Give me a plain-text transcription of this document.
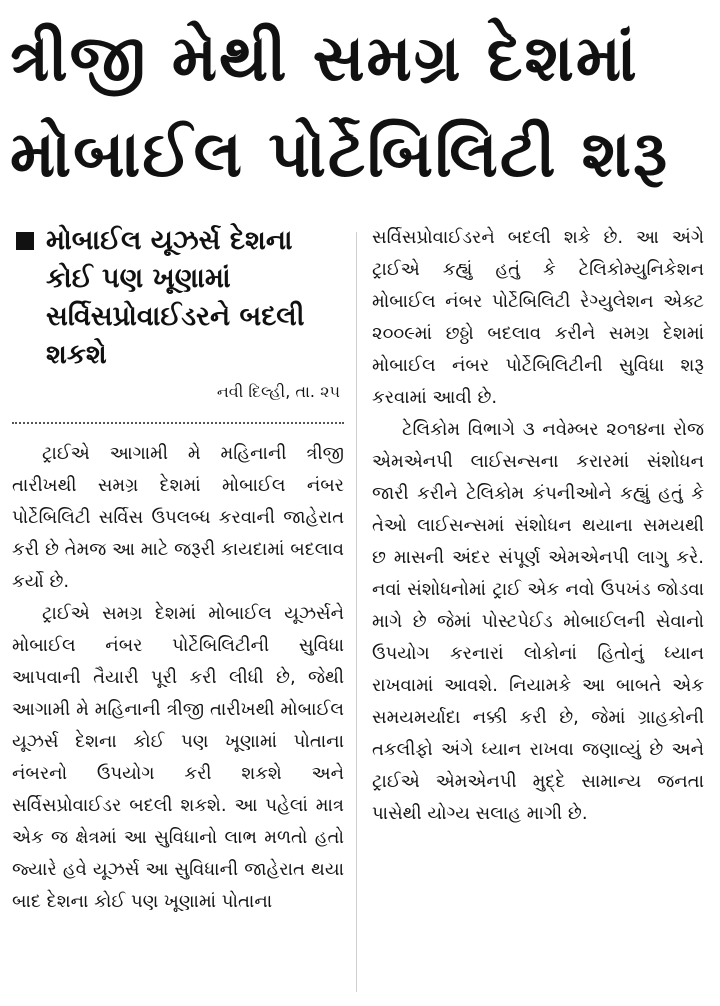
ત્રીજી મેથી સમગ્ર દેશમાં
મોબાઈલ પોર્ટેબિલિટી શરૂ
મોબાઈલ યૂઝર્સ દેશના કોઈ પણ ખૂણામાં સર્વિસપ્રોવાઈડરને બદલી શકશે
નવી દિલ્હી, તા. ૨૫

ટ્રાઈએ આગામી મે મહિનાની ત્રીજી તારીખથી સમગ્ર દેશમાં મોબાઈલ નંબર પોર્ટેબિલિટી સર્વિસ ઉપલબ્ધ કરવાની જાહેરાત કરી છે તેમજ આ માટે જરૂરી કાયદામાં બદલાવ કર્યો છે.

ટ્રાઈએ સમગ્ર દેશમાં મોબાઈલ યૂઝર્સને મોબાઈલ નંબર પોર્ટેબિલિટીની સુવિધા આપવાની તૈયારી પૂરી કરી લીધી છે, જેથી આગામી મે મહિનાની ત્રીજી તારીખથી મોબાઈલ યૂઝર્સ દેશના કોઈ પણ ખૂણામાં પોતાના નંબરનો ઉપયોગ કરી શકશે અને સર્વિસપ્રોવાઈડર બદલી શકશે. આ પહેલાં માત્ર એક જ ક્ષેત્રમાં આ સુવિધાનો લાભ મળતો હતો જ્યારે હવે યૂઝર્સ આ સુવિધાની જાહેરાત થયા બાદ દેશના કોઈ પણ ખૂણામાં પોતાના

સર્વિસપ્રોવાઈડરને બદલી શકે છે. આ અંગે ટ્રાઈએ કહ્યું હતું કે ટેલિકોમ્યુનિકેશન મોબાઈલ નંબર પોર્ટેબિલિટી રેગ્યુલેશન એક્ટ ૨૦૦૯માં છઠ્ઠો બદલાવ કરીને સમગ્ર દેશમાં મોબાઈલ નંબર પોર્ટેબિલિટીની સુવિધા શરૂ કરવામાં આવી છે.

ટેલિકોમ વિભાગે ૩ નવેમ્બર ૨૦૧૪ના રોજ એમએનપી લાઈસન્સના કરારમાં સંશોધન જારી કરીને ટેલિકોમ કંપનીઓને કહ્યું હતું કે તેઓ લાઈસન્સમાં સંશોધન થયાના સમયથી છ માસની અંદર સંપૂર્ણ એમએનપી લાગુ કરે. નવાં સંશોધનોમાં ટ્રાઈ એક નવો ઉપખંડ જોડવા માગે છે જેમાં પોસ્ટપેઈડ મોબાઈલની સેવાનો ઉપયોગ કરનારાં લોકોનાં હિતોનું ધ્યાન રાખવામાં આવશે. નિયામકે આ બાબતે એક સમયમર્યાદા નક્કી કરી છે, જેમાં ગ્રાહકોની તકલીફો અંગે ધ્યાન રાખવા જણાવ્યું છે અને ટ્રાઈએ એમએનપી મુદ્દે સામાન્ય જનતા પાસેથી યોગ્ય સલાહ માગી છે.
